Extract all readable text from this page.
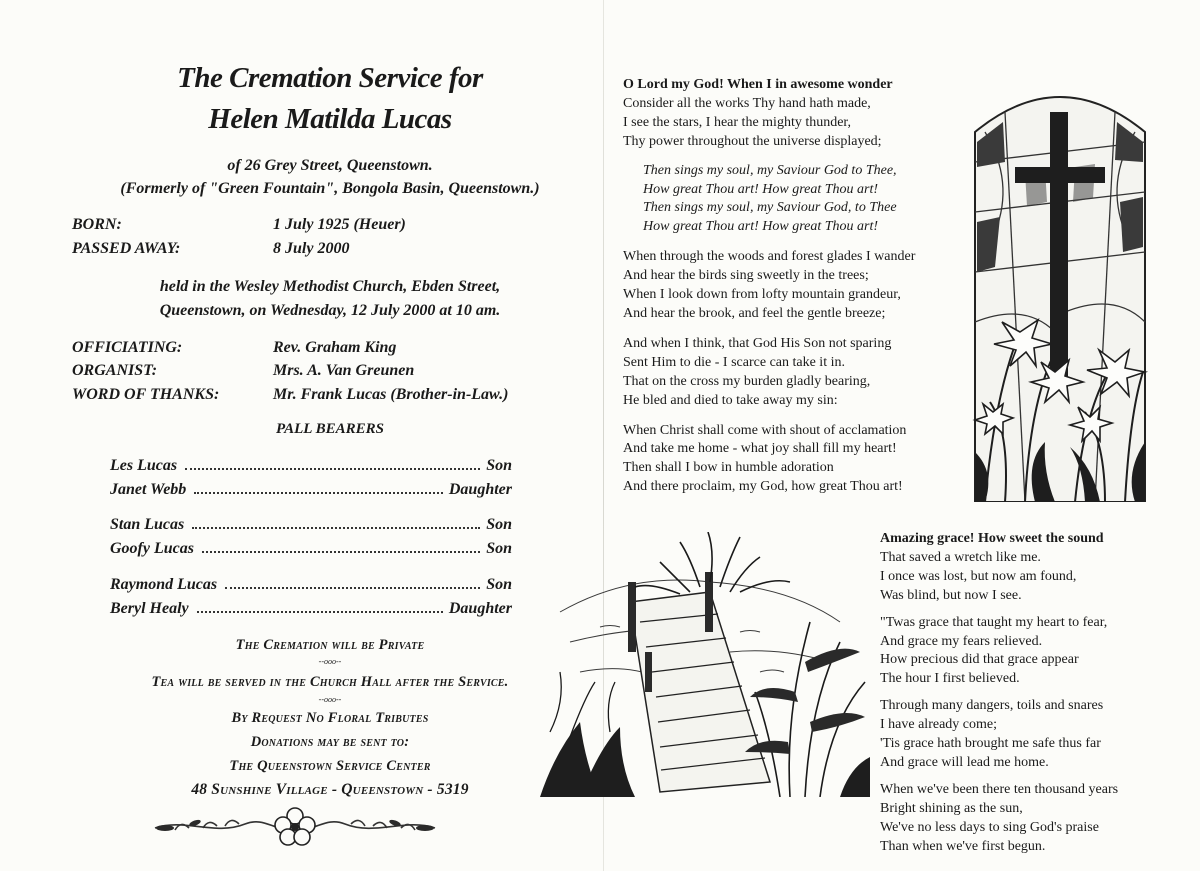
The Cremation Service for
Helen Matilda Lucas
of 26 Grey Street, Queenstown.
(Formerly of "Green Fountain", Bongola Basin, Queenstown.)
BORN:	1 July 1925 (Heuer)
PASSED AWAY:	8 July 2000
held in the Wesley Methodist Church, Ebden Street,
Queenstown, on Wednesday, 12 July 2000 at 10 am.
OFFICIATING:	Rev. Graham King
ORGANIST:	Mrs. A. Van Greunen
WORD OF THANKS:	Mr. Frank Lucas (Brother-in-Law.)
PALL BEARERS
Les Lucas	Son
Janet Webb	Daughter
Stan Lucas	Son
Goofy Lucas	Son
Raymond Lucas	Son
Beryl Healy	Daughter
The Cremation will be Private
--ooo--
Tea will be served in the Church Hall after the Service.
--ooo--
By Request No Floral Tributes
Donations may be sent to:
The Queenstown Service Center
48 Sunshine Village - Queenstown - 5319
O Lord my God! When I in awesome wonder
Consider all the works Thy hand hath made,
I see the stars, I hear the mighty thunder,
Thy power throughout the universe displayed;
Then sings my soul, my Saviour God to Thee,
How great Thou art! How great Thou art!
Then sings my soul, my Saviour God, to Thee
How great Thou art! How great Thou art!
When through the woods and forest glades I wander
And hear the birds sing sweetly in the trees;
When I look down from lofty mountain grandeur,
And hear the brook, and feel the gentle breeze;
And when I think, that God His Son not sparing
Sent Him to die - I scarce can take it in.
That on the cross my burden gladly bearing,
He bled and died to take away my sin:
When Christ shall come with shout of acclamation
And take me home - what joy shall fill my heart!
Then shall I bow in humble adoration
And there proclaim, my God, how great Thou art!
Amazing grace! How sweet the sound
That saved a wretch like me.
I once was lost, but now am found,
Was blind, but now I see.
"Twas grace that taught my heart to fear,
And grace my fears relieved.
How precious did that grace appear
The hour I first believed.
Through many dangers, toils and snares
I have already come;
'Tis grace hath brought me safe thus far
And grace will lead me home.
When we've been there ten thousand years
Bright shining as the sun,
We've no less days to sing God's praise
Than when we've first begun.
